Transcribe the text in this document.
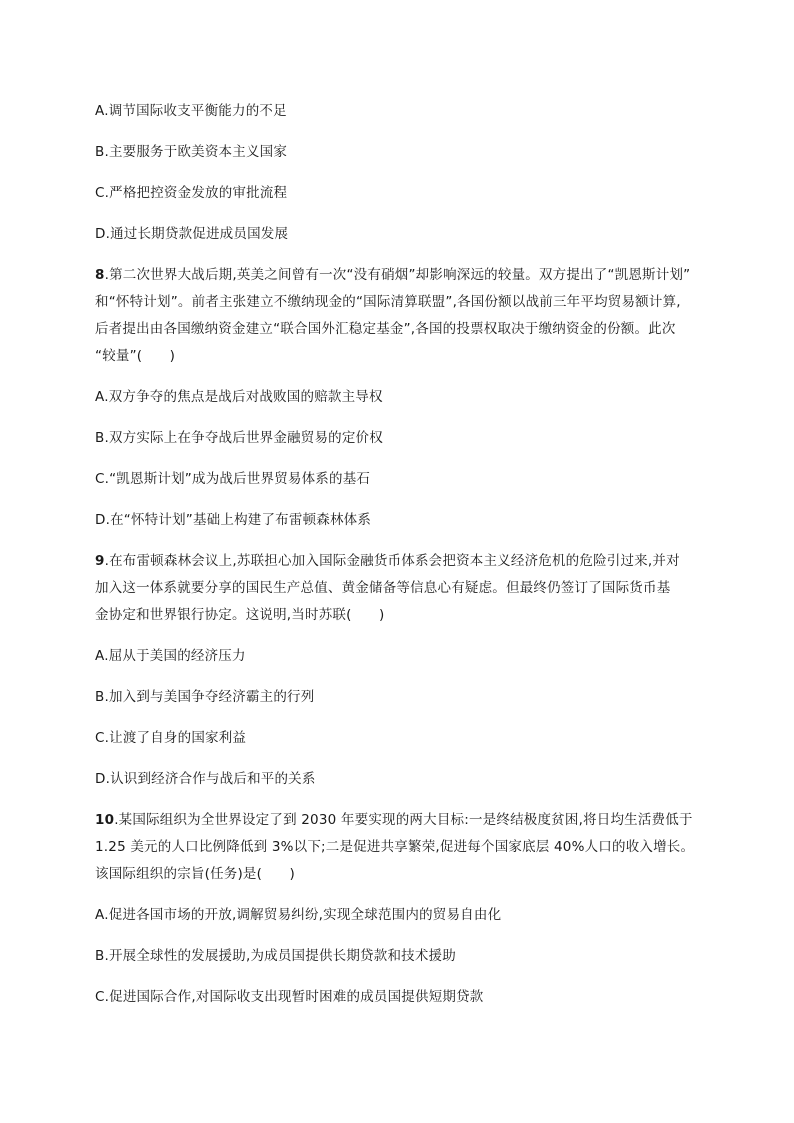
A.调节国际收支平衡能力的不足
B.主要服务于欧美资本主义国家
C.严格把控资金发放的审批流程
D.通过长期贷款促进成员国发展
8.第二次世界大战后期,英美之间曾有一次“没有硝烟”却影响深远的较量。双方提出了“凯恩斯计划”
和“怀特计划”。前者主张建立不缴纳现金的“国际清算联盟”,各国份额以战前三年平均贸易额计算,
后者提出由各国缴纳资金建立“联合国外汇稳定基金”,各国的投票权取决于缴纳资金的份额。此次
“较量”(　　)
A.双方争夺的焦点是战后对战败国的赔款主导权
B.双方实际上在争夺战后世界金融贸易的定价权
C.“凯恩斯计划”成为战后世界贸易体系的基石
D.在“怀特计划”基础上构建了布雷顿森林体系
9.在布雷顿森林会议上,苏联担心加入国际金融货币体系会把资本主义经济危机的危险引过来,并对
加入这一体系就要分享的国民生产总值、黄金储备等信息心有疑虑。但最终仍签订了国际货币基
金协定和世界银行协定。这说明,当时苏联(　　)
A.屈从于美国的经济压力
B.加入到与美国争夺经济霸主的行列
C.让渡了自身的国家利益
D.认识到经济合作与战后和平的关系
10.某国际组织为全世界设定了到 2030 年要实现的两大目标:一是终结极度贫困,将日均生活费低于
1.25 美元的人口比例降低到 3%以下;二是促进共享繁荣,促进每个国家底层 40%人口的收入增长。
该国际组织的宗旨(任务)是(　　)
A.促进各国市场的开放,调解贸易纠纷,实现全球范围内的贸易自由化
B.开展全球性的发展援助,为成员国提供长期贷款和技术援助
C.促进国际合作,对国际收支出现暂时困难的成员国提供短期贷款
